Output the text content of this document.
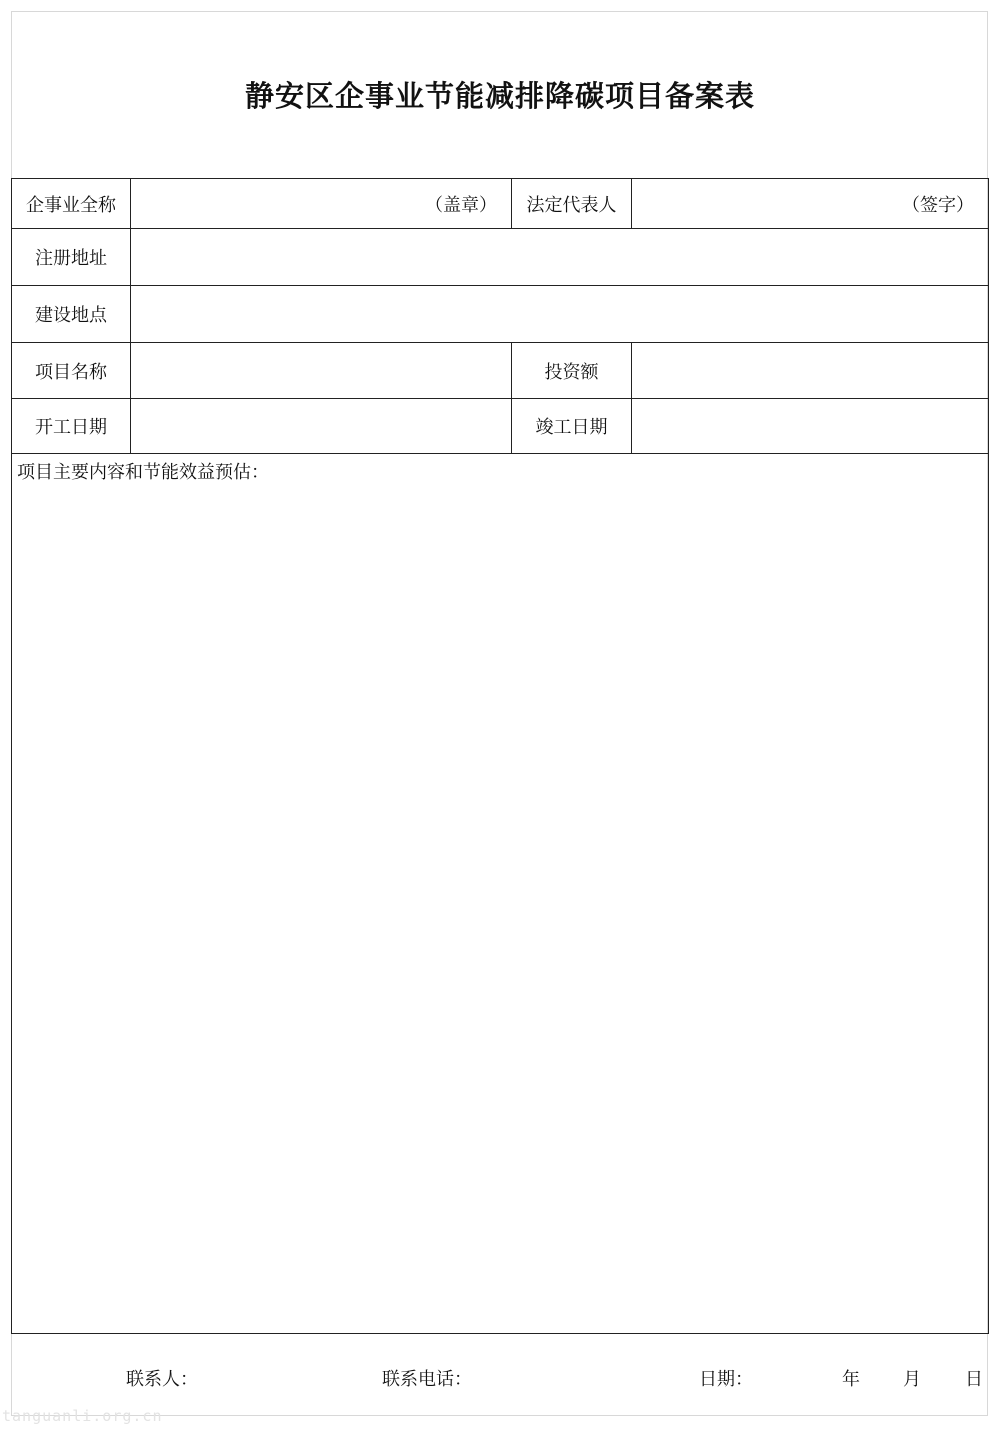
静安区企事业节能减排降碳项目备案表
企事业全称	（盖章）	法定代表人	（签字）
注册地址			
建设地点			
项目名称		投资额	
开工日期		竣工日期	

项目主要内容和节能效益预估：			
联系人：	联系电话：	日期：	年 月 日
tanguanli.org.cn
